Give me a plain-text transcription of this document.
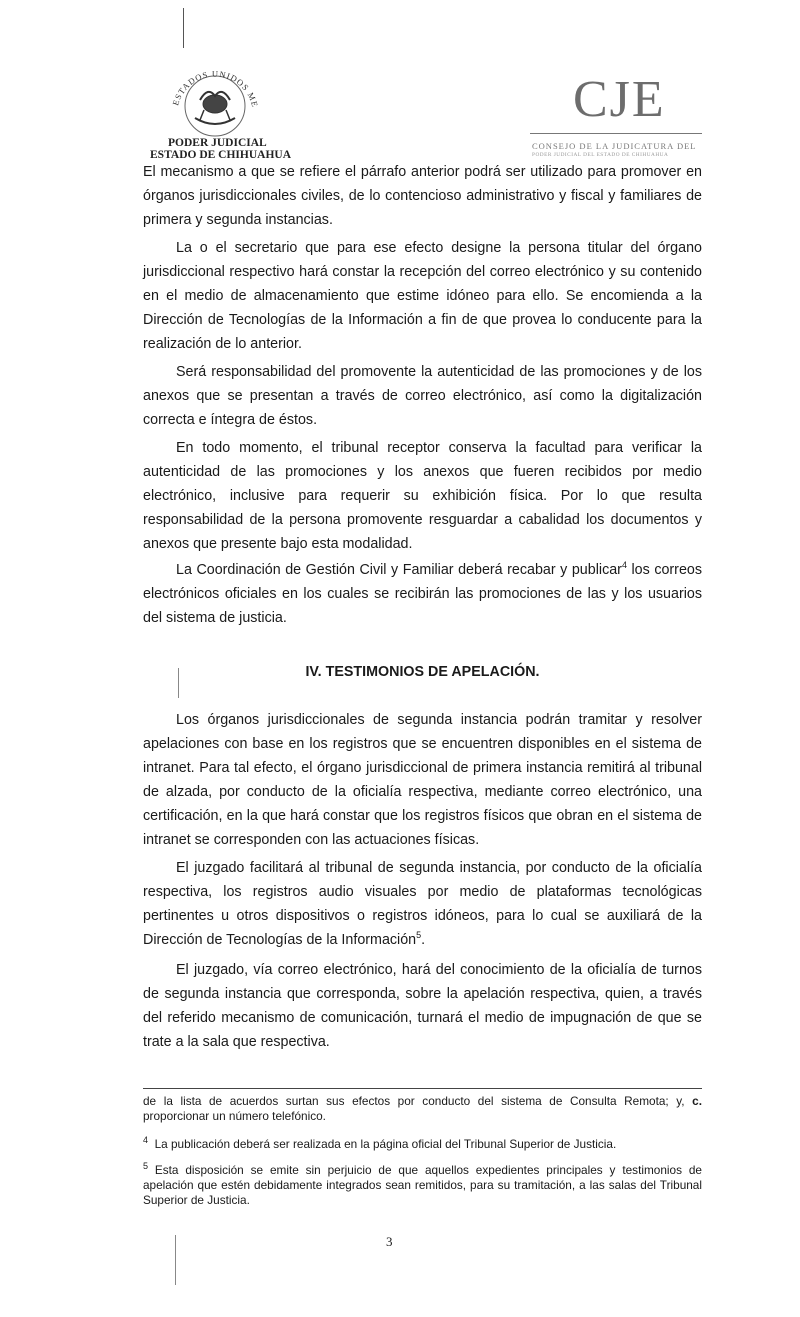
ESTADOS UNIDOS ME
PODER JUDICIAL
ESTADO DE CHIHUAHUA
CJE
CONSEJO DE LA JUDICATURA DEL
PODER JUDICIAL DEL ESTADO DE CHIHUAHUA
El mecanismo a que se refiere el párrafo anterior podrá ser utilizado para promover en órganos jurisdiccionales civiles, de lo contencioso administrativo y fiscal y familiares de primera y segunda instancias.
La o el secretario que para ese efecto designe la persona titular del órgano jurisdiccional respectivo hará constar la recepción del correo electrónico y su contenido en el medio de almacenamiento que estime idóneo para ello. Se encomienda a la Dirección de Tecnologías de la Información a fin de que provea lo conducente para la realización de lo anterior.
Será responsabilidad del promovente la autenticidad de las promociones y de los anexos que se presentan a través de correo electrónico, así como la digitalización correcta e íntegra de éstos.
En todo momento, el tribunal receptor conserva la facultad para verificar la autenticidad de las promociones y los anexos que fueren recibidos por medio electrónico, inclusive para requerir su exhibición física. Por lo que resulta responsabilidad de la persona promovente resguardar a cabalidad los documentos y anexos que presente bajo esta modalidad.
La Coordinación de Gestión Civil y Familiar deberá recabar y publicar$^4$ los correos electrónicos oficiales en los cuales se recibirán las promociones de las y los usuarios del sistema de justicia.
IV. TESTIMONIOS DE APELACIÓN.
Los órganos jurisdiccionales de segunda instancia podrán tramitar y resolver apelaciones con base en los registros que se encuentren disponibles en el sistema de intranet. Para tal efecto, el órgano jurisdiccional de primera instancia remitirá al tribunal de alzada, por conducto de la oficialía respectiva, mediante correo electrónico, una certificación, en la que hará constar que los registros físicos que obran en el sistema de intranet se corresponden con las actuaciones físicas.
El juzgado facilitará al tribunal de segunda instancia, por conducto de la oficialía respectiva, los registros audio visuales por medio de plataformas tecnológicas pertinentes u otros dispositivos o registros idóneos, para lo cual se auxiliará de la Dirección de Tecnologías de la Información$^5$.
El juzgado, vía correo electrónico, hará del conocimiento de la oficialía de turnos de segunda instancia que corresponda, sobre la apelación respectiva, quien, a través del referido mecanismo de comunicación, turnará el medio de impugnación de que se trate a la sala que respectiva.
de la lista de acuerdos surtan sus efectos por conducto del sistema de Consulta Remota; y, c. proporcionar un número telefónico.
$^4$ La publicación deberá ser realizada en la página oficial del Tribunal Superior de Justicia.
$^5$ Esta disposición se emite sin perjuicio de que aquellos expedientes principales y testimonios de apelación que estén debidamente integrados sean remitidos, para su tramitación, a las salas del Tribunal Superior de Justicia.
3
